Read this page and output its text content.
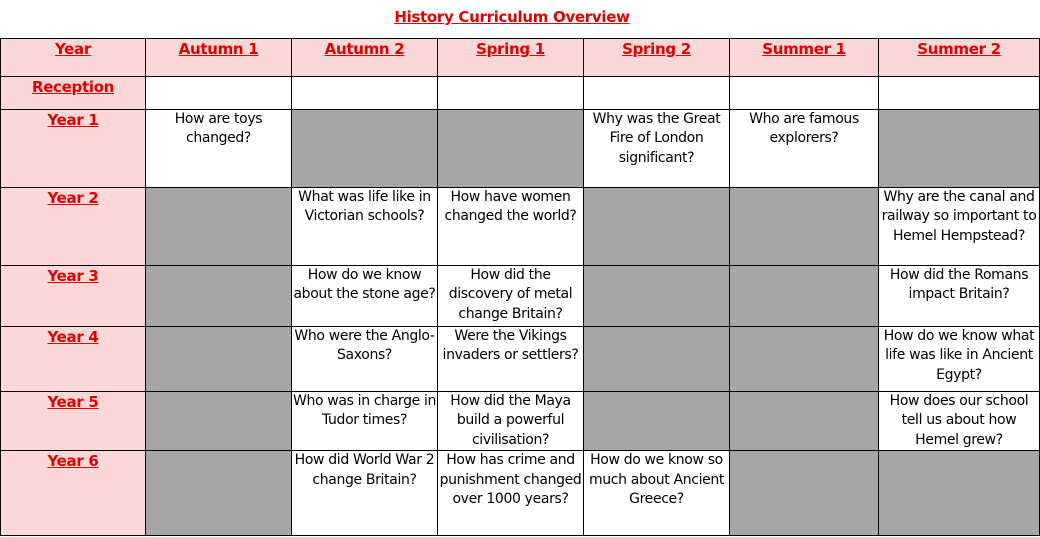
History Curriculum Overview
Year	Autumn 1	Autumn 2	Spring 1	Spring 2	Summer 1	Summer 2
Reception						
Year 1	How are toys changed?			Why was the Great Fire of London significant?	Who are famous explorers?	
Year 2		What was life like in Victorian schools?	How have women changed the world?			Why are the canal and railway so important to Hemel Hempstead?
Year 3		How do we know about the stone age?	How did the discovery of metal change Britain?			How did the Romans impact Britain?
Year 4		Who were the Anglo-Saxons?	Were the Vikings invaders or settlers?			How do we know what life was like in Ancient Egypt?
Year 5		Who was in charge in Tudor times?	How did the Maya build a powerful civilisation?			How does our school tell us about how Hemel grew?
Year 6		How did World War 2 change Britain?	How has crime and punishment changed over 1000 years?	How do we know so much about Ancient Greece?		
